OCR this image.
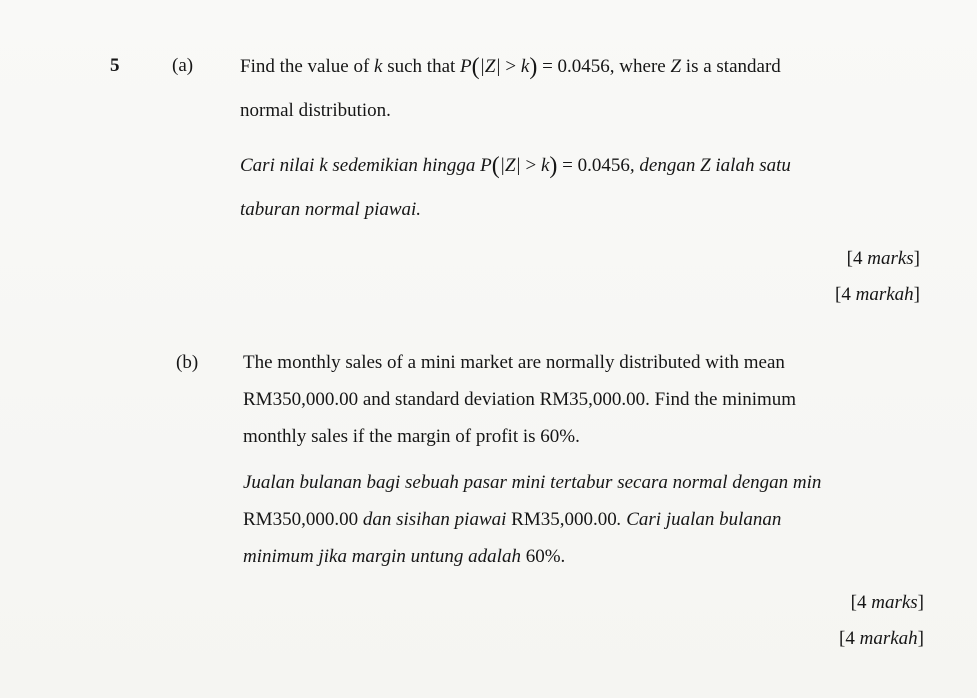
5	(a) Find the value of k such that P(|Z| > k) = 0.0456, where Z is a standard
normal distribution.
Cari nilai k sedemikian hingga P(|Z| > k) = 0.0456, dengan Z ialah satu
taburan normal piawai.
[4 marks]
[4 markah]
(b) The monthly sales of a mini market are normally distributed with mean
RM350,000.00 and standard deviation RM35,000.00. Find the minimum
monthly sales if the margin of profit is 60%.
Jualan bulanan bagi sebuah pasar mini tertabur secara normal dengan min
RM350,000.00 dan sisihan piawai RM35,000.00. Cari jualan bulanan
minimum jika margin untung adalah 60%.
[4 marks]
[4 markah]
